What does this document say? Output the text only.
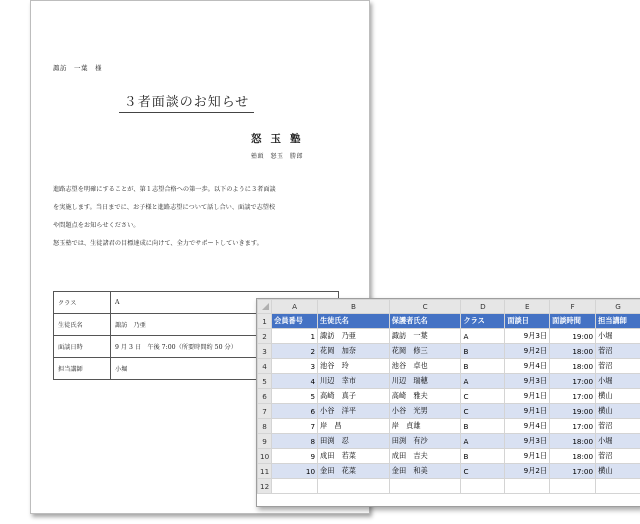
諏訪　一葉　様
３者面談のお知らせ
怒玉塾
塾頭　怒玉　勝郎
進路志望を明確にすることが、第１志望合格への第一歩。以下のように３者面談
を実施します。当日までに、お子様と進路志望について話し合い、面談で志望校
や問題点をお知らせください。
怒玉塾では、生徒諸君の目標達成に向けて、全力でサポートしていきます。
クラス	A
生徒氏名	諏訪　乃亜
面談日時	9 月 3 日　午後 7:00（所要時間約 50 分）
担当講師	小堀
	A	B	C	D	E	F	G
1	会員番号	生徒氏名	保護者氏名	クラス	面談日	面談時間	担当講師
2	1	諏訪　乃亜	諏訪　一葉	A	9月3日	19:00	小堀
3	2	花岡　加奈	花岡　修三	B	9月2日	18:00	菅沼
4	3	池谷　玲	池谷　卓也	B	9月4日	18:00	菅沼
5	4	川辺　幸市	川辺　瑞穂	A	9月3日	17:00	小堀
6	5	高崎　真子	高崎　雅夫	C	9月1日	17:00	横山
7	6	小谷　洋平	小谷　光男	C	9月1日	19:00	横山
8	7	岸　昌	岸　貞雄	B	9月4日	17:00	菅沼
9	8	田渕　忍	田渕　有沙	A	9月3日	18:00	小堀
10	9	成田　若菜	成田　吉夫	B	9月1日	18:00	菅沼
11	10	金田　花菜	金田　和美	C	9月2日	17:00	横山
12							
